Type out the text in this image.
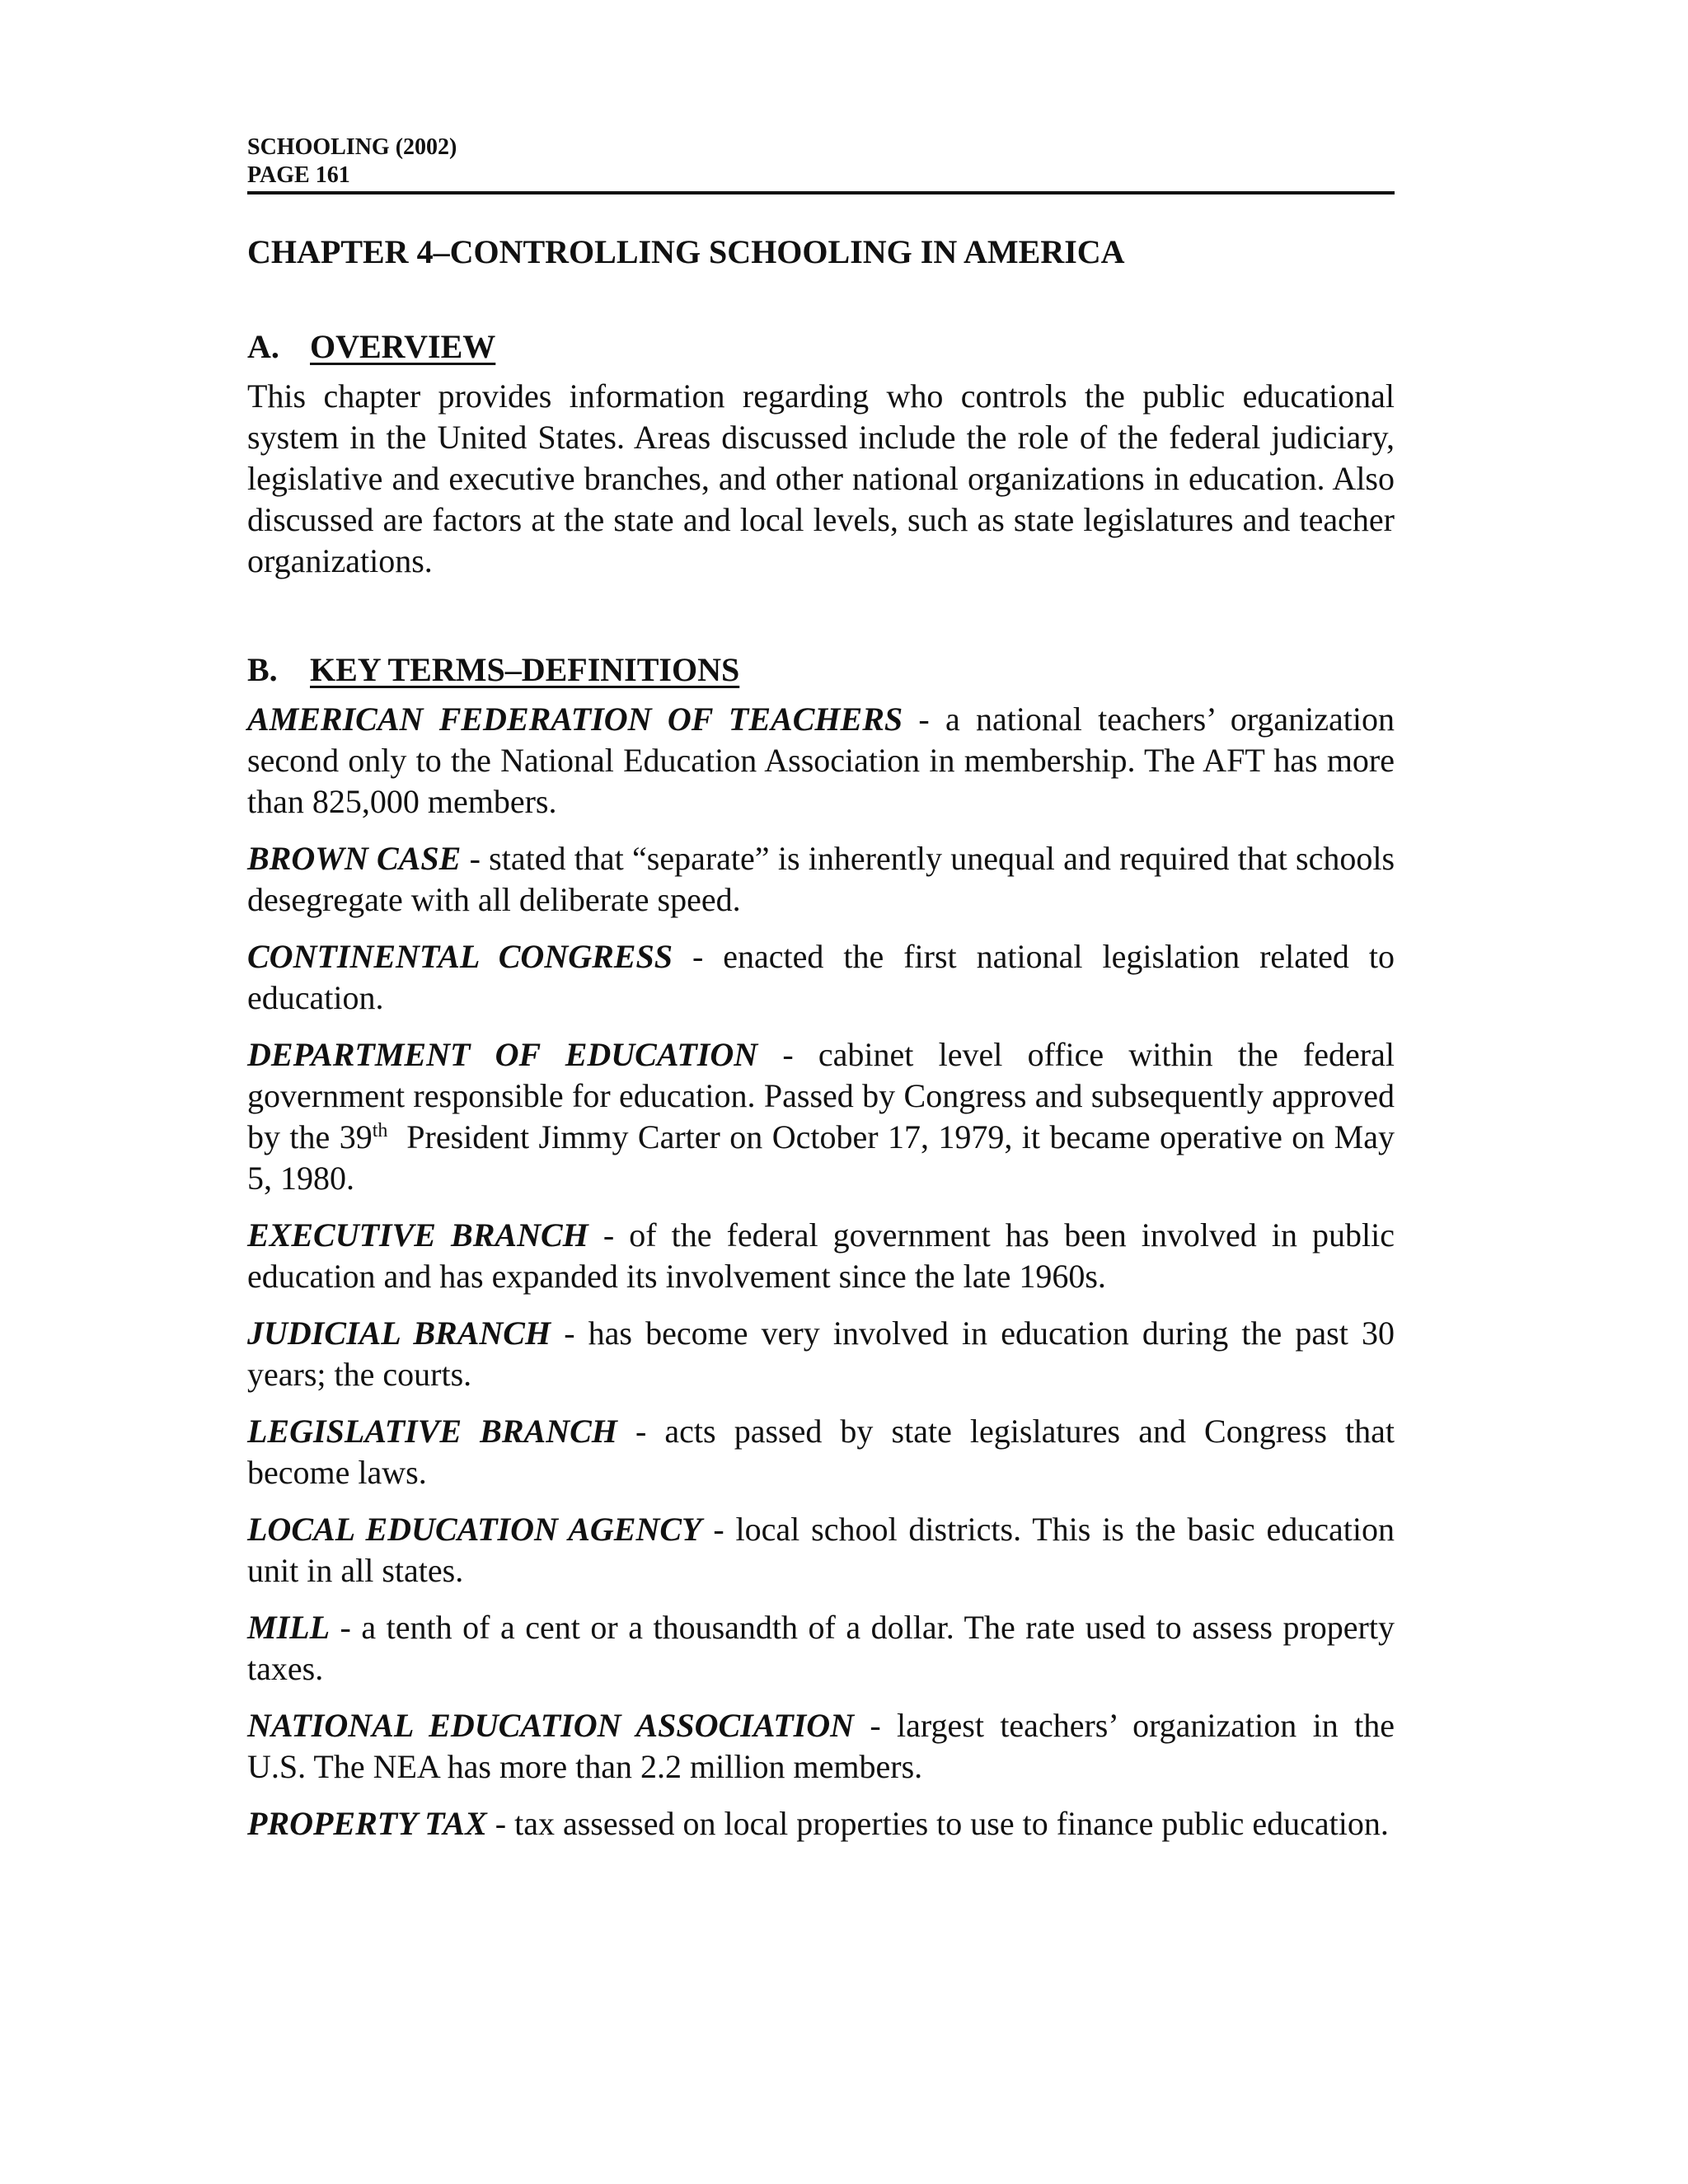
SCHOOLING (2002)
PAGE 161
CHAPTER 4–CONTROLLING SCHOOLING IN AMERICA
A. OVERVIEW

This chapter provides information regarding who controls the public educational system in the United States. Areas discussed include the role of the federal judiciary, legislative and executive branches, and other national organizations in education. Also discussed are factors at the state and local levels, such as state legislatures and teacher organizations.

B. KEY TERMS–DEFINITIONS

AMERICAN FEDERATION OF TEACHERS - a national teachers’ organization second only to the National Education Association in membership. The AFT has more than 825,000 members.

BROWN CASE - stated that “separate” is inherently unequal and required that schools desegregate with all deliberate speed.

CONTINENTAL CONGRESS - enacted the first national legislation related to education.

DEPARTMENT OF EDUCATION - cabinet level office within the federal government responsible for education. Passed by Congress and subsequently approved by the 39th  President Jimmy Carter on October 17, 1979, it became operative on May 5, 1980.

EXECUTIVE BRANCH - of the federal government has been involved in public education and has expanded its involvement since the late 1960s.

JUDICIAL BRANCH - has become very involved in education during the past 30 years; the courts.

LEGISLATIVE BRANCH - acts passed by state legislatures and Congress that become laws.

LOCAL EDUCATION AGENCY - local school districts. This is the basic education unit in all states.

MILL - a tenth of a cent or a thousandth of a dollar. The rate used to assess property taxes.

NATIONAL EDUCATION ASSOCIATION - largest teachers’ organization in the U.S. The NEA has more than 2.2 million members.

PROPERTY TAX - tax assessed on local properties to use to finance public education.
